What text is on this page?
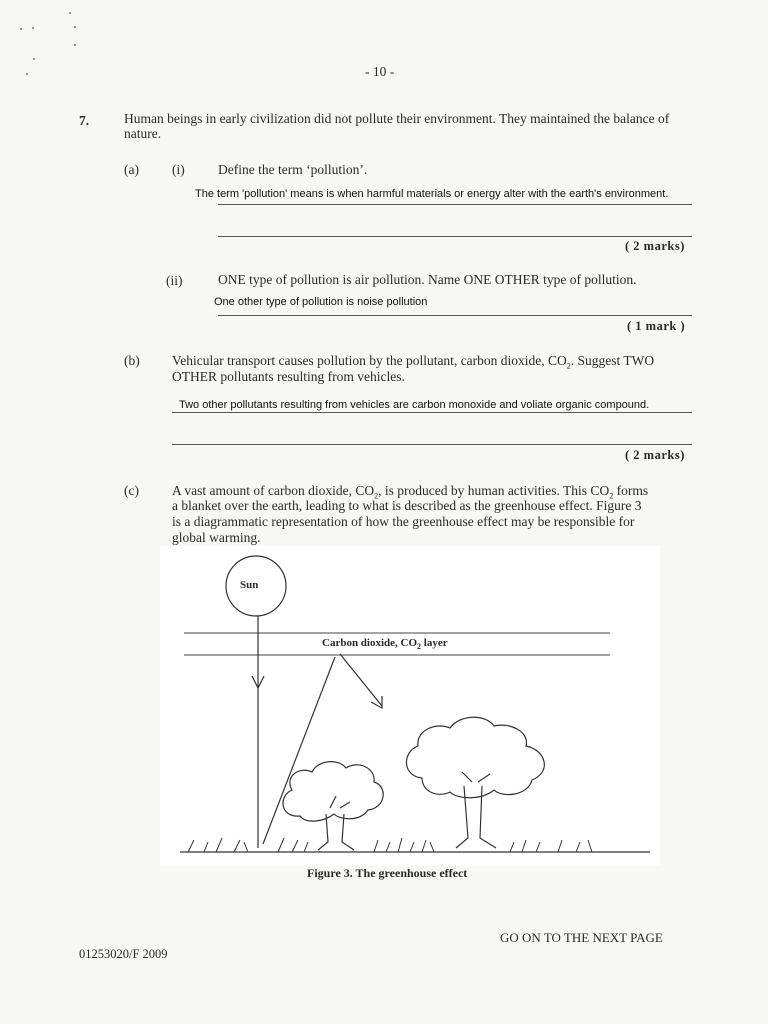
- 10 -
7.	Human beings in early civilization did not pollute their environment. They maintained the balance of nature.
(a) (i) Define the term ‘pollution’.
The term 'pollution' means is when harmful materials or energy alter with the earth's environment.
( 2 marks)
(ii)	ONE type of pollution is air pollution. Name ONE OTHER type of pollution.
One other type of pollution is noise pollution
( 1 mark )
(b) Vehicular transport causes pollution by the pollutant, carbon dioxide, $CO_2$. Suggest TWO
OTHER pollutants resulting from vehicles.
Two other pollutants resulting from vehicles are carbon monoxide and voliate organic compound.
( 2 marks)
(c) A vast amount of carbon dioxide, $CO_2$, is produced by human activities. This $CO_2$ forms
a blanket over the earth, leading to what is described as the greenhouse effect. Figure 3
is a diagrammatic representation of how the greenhouse effect may be responsible for
global warming.
Sun
Carbon dioxide, $CO_2$ layer
Figure 3. The greenhouse effect
GO ON TO THE NEXT PAGE
01253020/F 2009
